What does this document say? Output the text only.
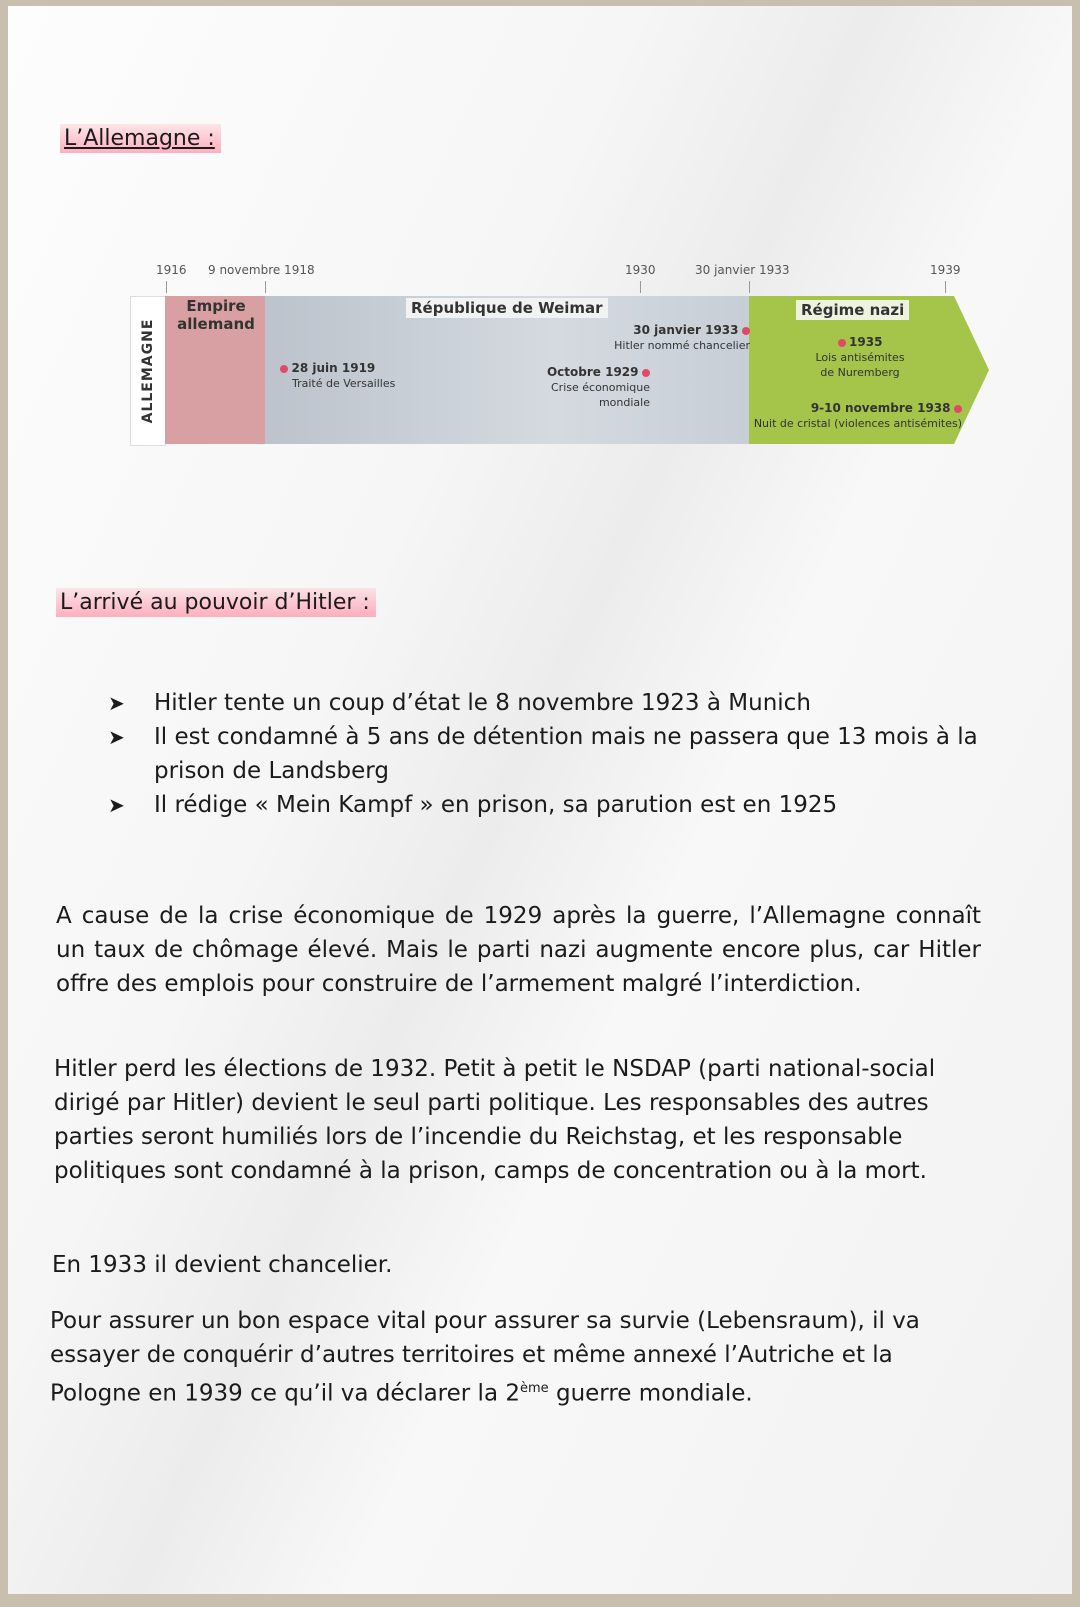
L’Allemagne :
1916 9 novembre 1918	1930	30 janvier 1933	1939
ALLEMAGNE
Empire allemand
République de Weimar	Régime nazi
28 juin 1919
Traité de Versailles
Octobre 1929
Crise économique mondiale
30 janvier 1933
Hitler nommé chancelier	1935
Lois antisémites de Nuremberg
9-10 novembre 1938
Nuit de cristal (violences antisémites)
L’arrivé au pouvoir d’Hitler :
➤ Hitler tente un coup d’état le 8 novembre 1923 à Munich
➤ Il est condamné à 5 ans de détention mais ne passera que 13 mois à la prison de Landsberg
➤ Il rédige « Mein Kampf » en prison, sa parution est en 1925
A cause de la crise économique de 1929 après la guerre, l’Allemagne connaît un taux de chômage élevé. Mais le parti nazi augmente encore plus, car Hitler offre des emplois pour construire de l’armement malgré l’interdiction.
Hitler perd les élections de 1932. Petit à petit le NSDAP (parti national-social dirigé par Hitler) devient le seul parti politique. Les responsables des autres parties seront humiliés lors de l’incendie du Reichstag, et les responsable politiques sont condamné à la prison, camps de concentration ou à la mort.
En 1933 il devient chancelier.
Pour assurer un bon espace vital pour assurer sa survie (Lebensraum), il va essayer de conquérir d’autres territoires et même annexé l’Autriche et la Pologne en 1939 ce qu’il va déclarer la 2ème guerre mondiale.
